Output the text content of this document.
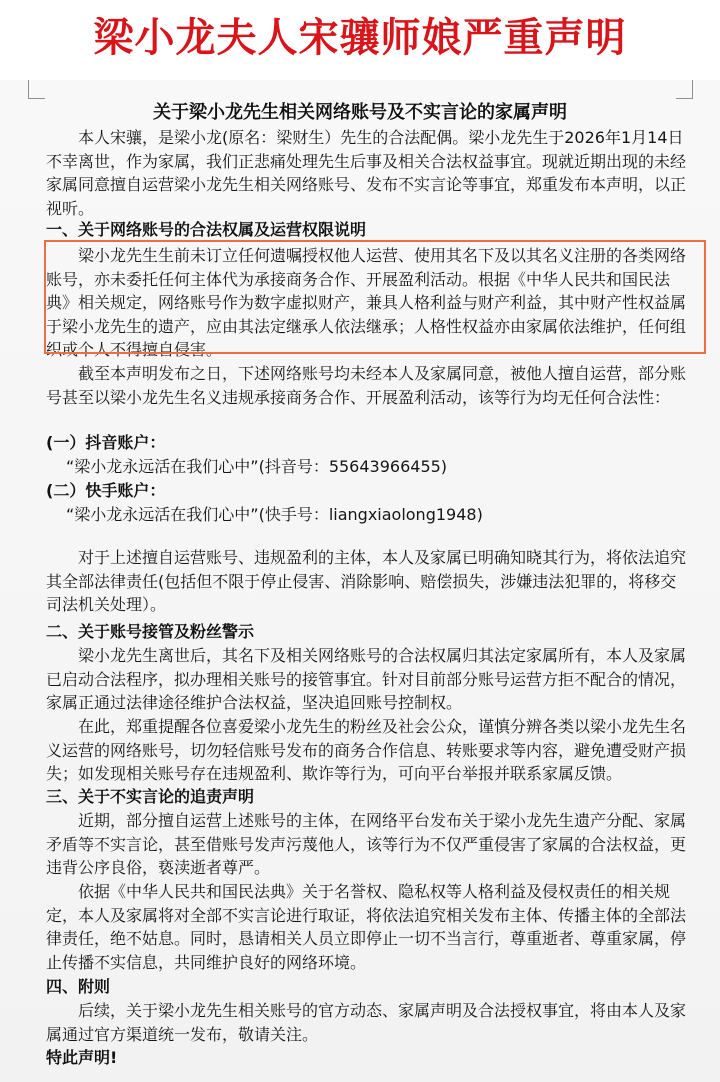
梁小龙夫人宋骧师娘严重声明
关于梁小龙先生相关网络账号及不实言论的家属声明

本人宋骧，是梁小龙(原名：梁财生）先生的合法配偶。梁小龙先生于2026年1月14日不幸离世，作为家属，我们正悲痛处理先生后事及相关合法权益事宜。现就近期出现的未经家属同意擅自运营梁小龙先生相关网络账号、发布不实言论等事宜，郑重发布本声明，以正视听。

一、关于网络账号的合法权属及运营权限说明

梁小龙先生生前未订立任何遗嘱授权他人运营、使用其名下及以其名义注册的各类网络账号，亦未委托任何主体代为承接商务合作、开展盈利活动。根据《中华人民共和国民法典》相关规定，网络账号作为数字虚拟财产，兼具人格利益与财产利益，其中财产性权益属于梁小龙先生的遗产，应由其法定继承人依法继承；人格性权益亦由家属依法维护，任何组织或个人不得擅自侵害。

截至本声明发布之日，下述网络账号均未经本人及家属同意，被他人擅自运营，部分账号甚至以梁小龙先生名义违规承接商务合作、开展盈利活动，该等行为均无任何合法性：

(一）抖音账户：
“梁小龙永远活在我们心中”(抖音号：55643966455)
(二）快手账户：
“梁小龙永远活在我们心中”(快手号：liangxiaolong1948)

对于上述擅自运营账号、违规盈利的主体，本人及家属已明确知晓其行为，将依法追究其全部法律责任(包括但不限于停止侵害、消除影响、赔偿损失，涉嫌违法犯罪的，将移交司法机关处理）。

二、关于账号接管及粉丝警示

梁小龙先生离世后，其名下及相关网络账号的合法权属归其法定家属所有，本人及家属已启动合法程序，拟办理相关账号的接管事宜。针对目前部分账号运营方拒不配合的情况，家属正通过法律途径维护合法权益，坚决追回账号控制权。

在此，郑重提醒各位喜爱梁小龙先生的粉丝及社会公众，谨慎分辨各类以梁小龙先生名义运营的网络账号，切勿轻信账号发布的商务合作信息、转账要求等内容，避免遭受财产损失；如发现相关账号存在违规盈利、欺诈等行为，可向平台举报并联系家属反馈。

三、关于不实言论的追责声明

近期，部分擅自运营上述账号的主体，在网络平台发布关于梁小龙先生遗产分配、家属矛盾等不实言论，甚至借账号发声污蔑他人，该等行为不仅严重侵害了家属的合法权益，更违背公序良俗，亵渎逝者尊严。

依据《中华人民共和国民法典》关于名誉权、隐私权等人格利益及侵权责任的相关规定，本人及家属将对全部不实言论进行取证，将依法追究相关发布主体、传播主体的全部法律责任，绝不姑息。同时，恳请相关人员立即停止一切不当言行，尊重逝者、尊重家属，停止传播不实信息，共同维护良好的网络环境。

四、附则

后续，关于梁小龙先生相关账号的官方动态、家属声明及合法授权事宜，将由本人及家属通过官方渠道统一发布，敬请关注。

特此声明!
